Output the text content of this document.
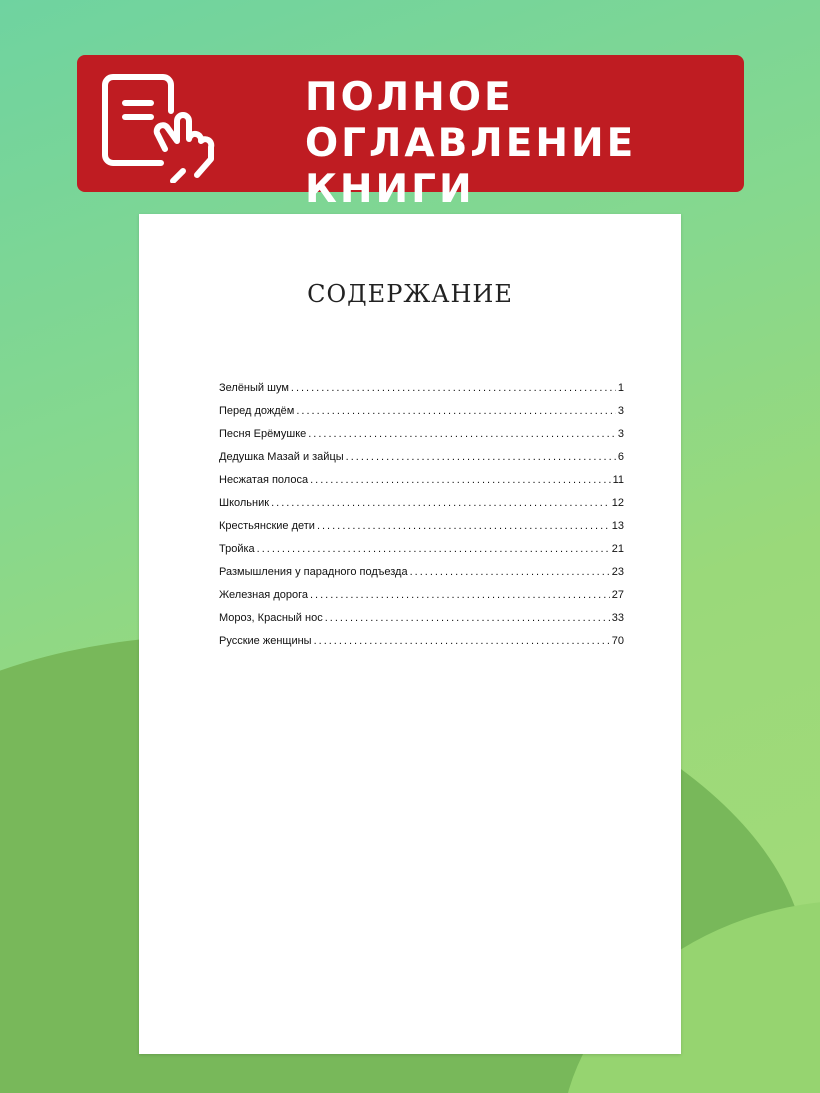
ПОЛНОЕ
ОГЛАВЛЕНИЕ КНИГИ
СОДЕРЖАНИЕ
Зелёный шум .....	1
Перед дождём .....	3
Песня Ерёмушке .....	3
Дедушка Мазай и зайцы .....	6
Несжатая полоса .....	11
Школьник .....	12
Крестьянские дети .....	13
Тройка .....	21
Размышления у парадного подъезда .....	23
Железная дорога .....	27
Мороз, Красный нос .....	33
Русские женщины .....	70
